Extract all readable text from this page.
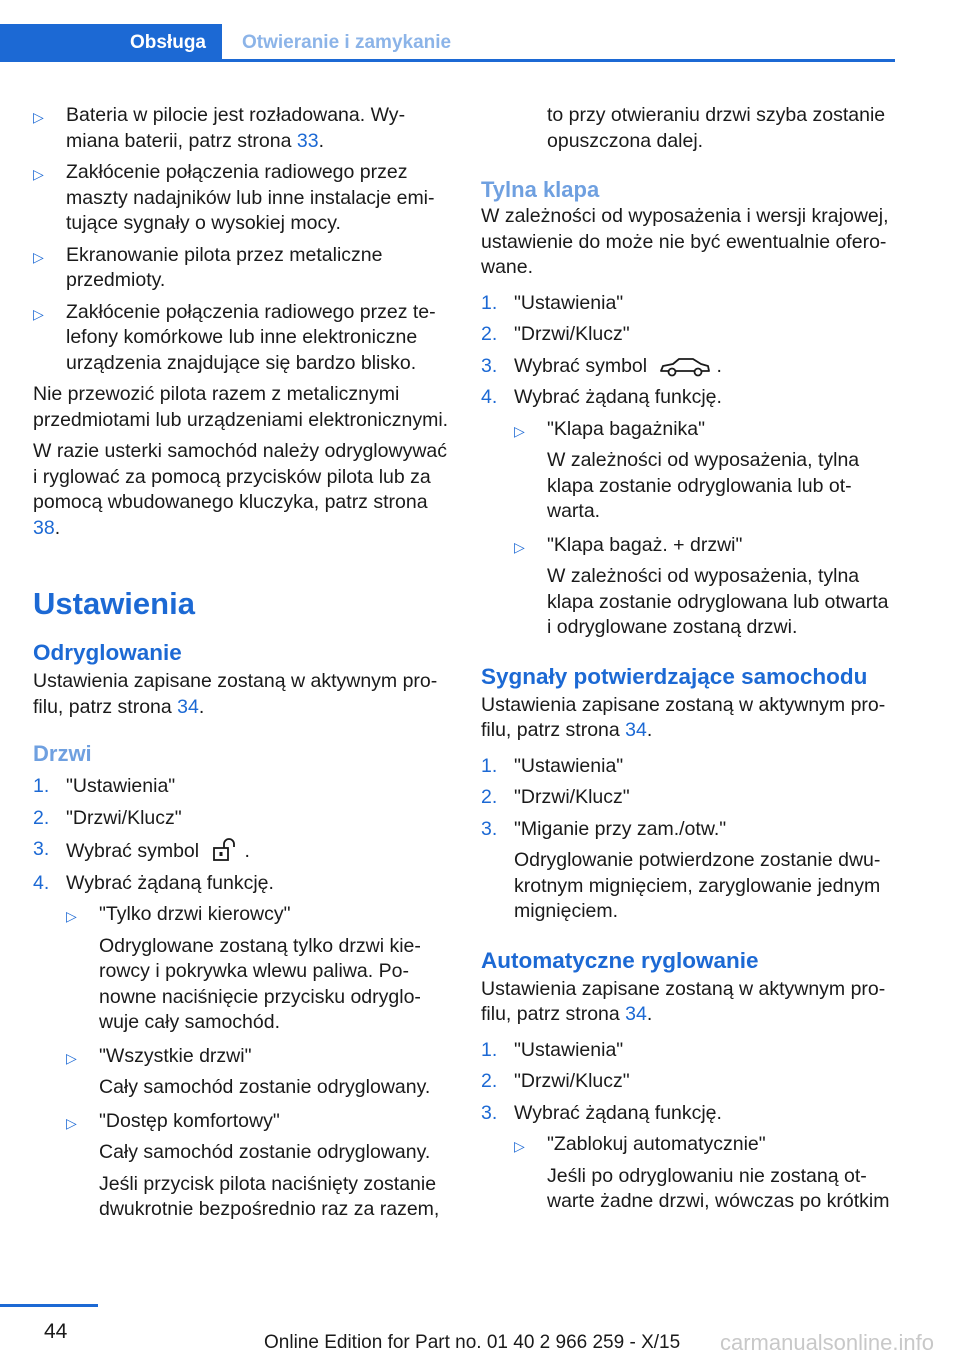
Obsługa Otwieranie i zamykanie
▷ Bateria w pilocie jest rozładowana. Wymiana baterii, patrz strona 33.
▷ Zakłócenie połączenia radiowego przez maszty nadajników lub inne instalacje emitujące sygnały o wysokiej mocy.
▷ Ekranowanie pilota przez metaliczne przedmioty.
▷ Zakłócenie połączenia radiowego przez telefony komórkowe lub inne elektroniczne urządzenia znajdujące się bardzo blisko.

Nie przewozić pilota razem z metalicznymi przedmiotami lub urządzeniami elektronicznymi.

W razie usterki samochód należy odryglowywać i ryglować za pomocą przycisków pilota lub za pomocą wbudowanego kluczyka, patrz strona 38.

Ustawienia
Odryglowanie

Ustawienia zapisane zostaną w aktywnym profilu, patrz strona 34.

Drzwi
1. "Ustawienia"
2. "Drzwi/Klucz"
3. Wybrać symbol .
4. Wybrać żądaną funkcję.
▷ "Tylko drzwi kierowcy"
Odryglowane zostaną tylko drzwi kierowcy i pokrywka wlewu paliwa. Ponowne naciśnięcie przycisku odryglowuje cały samochód.
▷ "Wszystkie drzwi"
Cały samochód zostanie odryglowany.
▷ "Dostęp komfortowy"
Cały samochód zostanie odryglowany.
Jeśli przycisk pilota naciśnięty zostanie dwukrotnie bezpośrednio raz za razem,
to przy otwieraniu drzwi szyba zostanie opuszczona dalej.
Tylna klapa

W zależności od wyposażenia i wersji krajowej, ustawienie do może nie być ewentualnie oferowane.

1. "Ustawienia"
2. "Drzwi/Klucz"
3. Wybrać symbol	.
4. Wybrać żądaną funkcję.
▷ "Klapa bagażnika"
W zależności od wyposażenia, tylna klapa zostanie odryglowania lub otwarta.
▷ "Klapa bagaż. + drzwi"
W zależności od wyposażenia, tylna klapa zostanie odryglowana lub otwarta i odryglowane zostaną drzwi.
Sygnały potwierdzające samochodu

Ustawienia zapisane zostaną w aktywnym profilu, patrz strona 34.

1. "Ustawienia"
2. "Drzwi/Klucz"
3. "Miganie przy zam./otw."
Odryglowanie potwierdzone zostanie dwukrotnym mignięciem, zaryglowanie jednym mignięciem.
Automatyczne ryglowanie

Ustawienia zapisane zostaną w aktywnym profilu, patrz strona 34.

1. "Ustawienia"
2. "Drzwi/Klucz"
3. Wybrać żądaną funkcję.
▷ "Zablokuj automatycznie"
Jeśli po odryglowaniu nie zostaną otwarte żadne drzwi, wówczas po krótkim
44	Online Edition for Part no. 01 40 2 966 259 - X/15 carmanualsonline.info
